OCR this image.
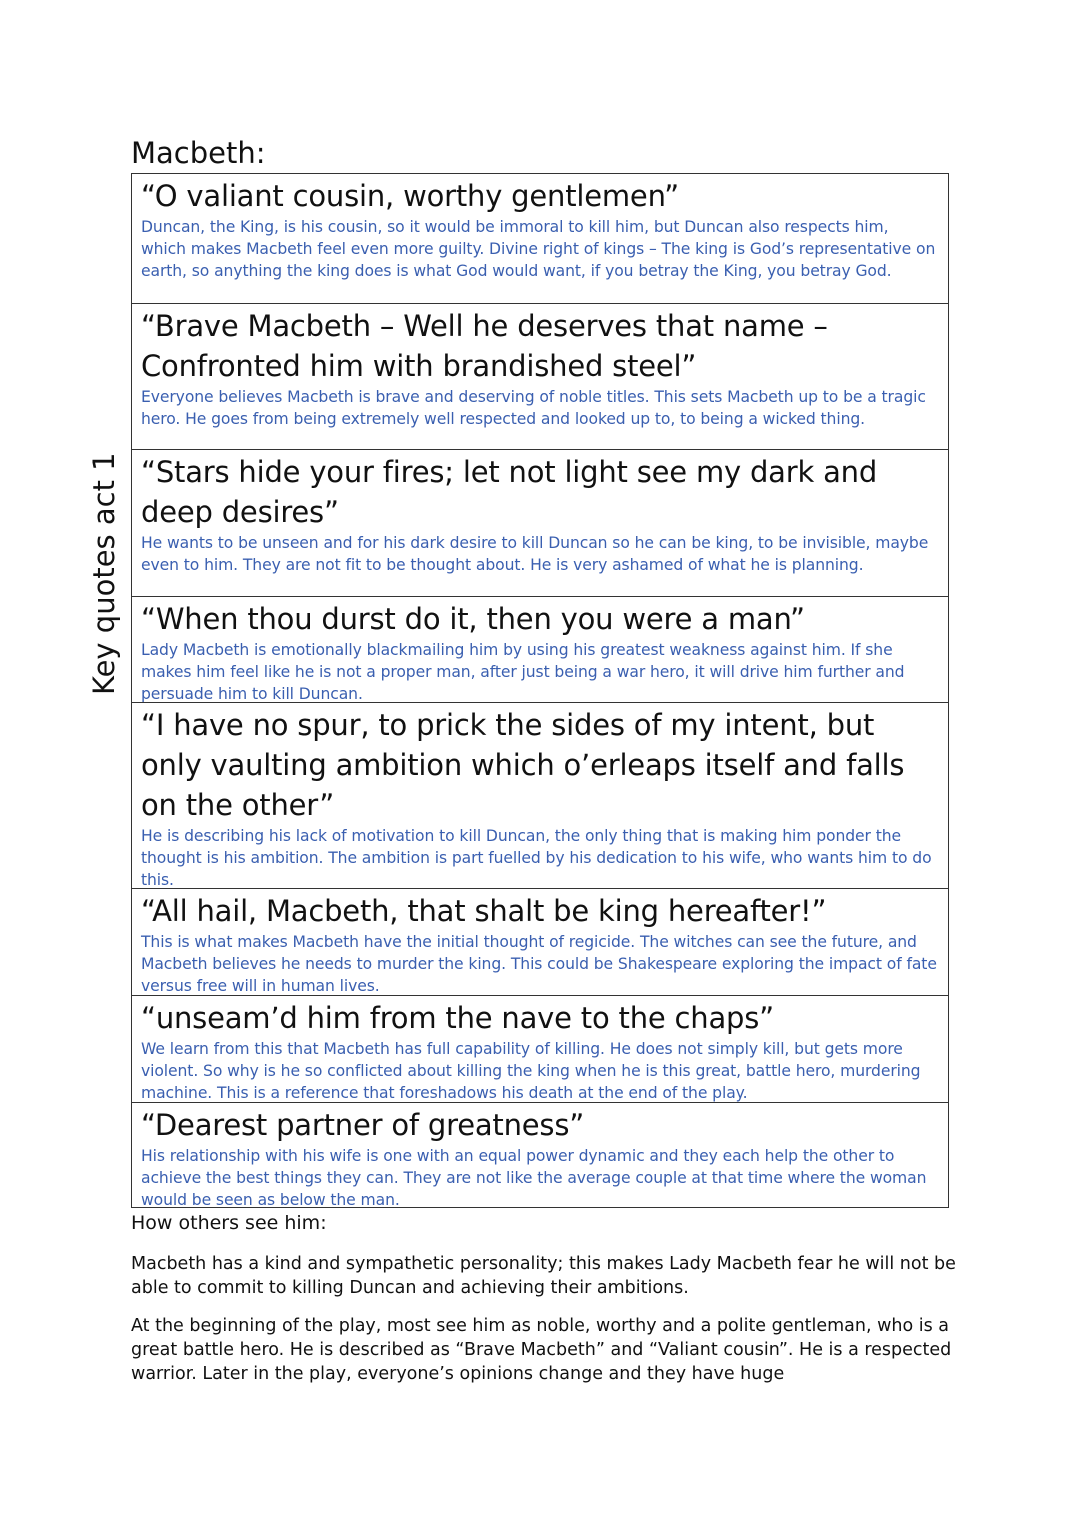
Key quotes act 1
Macbeth:

“O valiant cousin, worthy gentlemen”

Duncan, the King, is his cousin, so it would be immoral to kill him, but Duncan also respects him, which makes Macbeth feel even more guilty. Divine right of kings – The king is God’s representative on earth, so anything the king does is what God would want, if you betray the King, you betray God.

“Brave Macbeth – Well he deserves that name – Confronted him with brandished steel”

Everyone believes Macbeth is brave and deserving of noble titles. This sets Macbeth up to be a tragic hero. He goes from being extremely well respected and looked up to, to being a wicked thing.

“Stars hide your fires; let not light see my dark and deep desires”

He wants to be unseen and for his dark desire to kill Duncan so he can be king, to be invisible, maybe even to him. They are not fit to be thought about. He is very ashamed of what he is planning.

“When thou durst do it, then you were a man”

Lady Macbeth is emotionally blackmailing him by using his greatest weakness against him. If she makes him feel like he is not a proper man, after just being a war hero, it will drive him further and persuade him to kill Duncan.

“I have no spur, to prick the sides of my intent, but only vaulting ambition which o’erleaps itself and falls on the other”

He is describing his lack of motivation to kill Duncan, the only thing that is making him ponder the thought is his ambition. The ambition is part fuelled by his dedication to his wife, who wants him to do this.

“All hail, Macbeth, that shalt be king hereafter!”

This is what makes Macbeth have the initial thought of regicide. The witches can see the future, and Macbeth believes he needs to murder the king. This could be Shakespeare exploring the impact of fate versus free will in human lives.

“unseam’d him from the nave to the chaps”

We learn from this that Macbeth has full capability of killing. He does not simply kill, but gets more violent. So why is he so conflicted about killing the king when he is this great, battle hero, murdering machine. This is a reference that foreshadows his death at the end of the play.

“Dearest partner of greatness”

His relationship with his wife is one with an equal power dynamic and they each help the other to achieve the best things they can. They are not like the average couple at that time where the woman would be seen as below the man.

How others see him:

Macbeth has a kind and sympathetic personality; this makes Lady Macbeth fear he will not be able to commit to killing Duncan and achieving their ambitions.

At the beginning of the play, most see him as noble, worthy and a polite gentleman, who is a great battle hero. He is described as “Brave Macbeth” and “Valiant cousin”. He is a respected warrior. Later in the play, everyone’s opinions change and they have huge
